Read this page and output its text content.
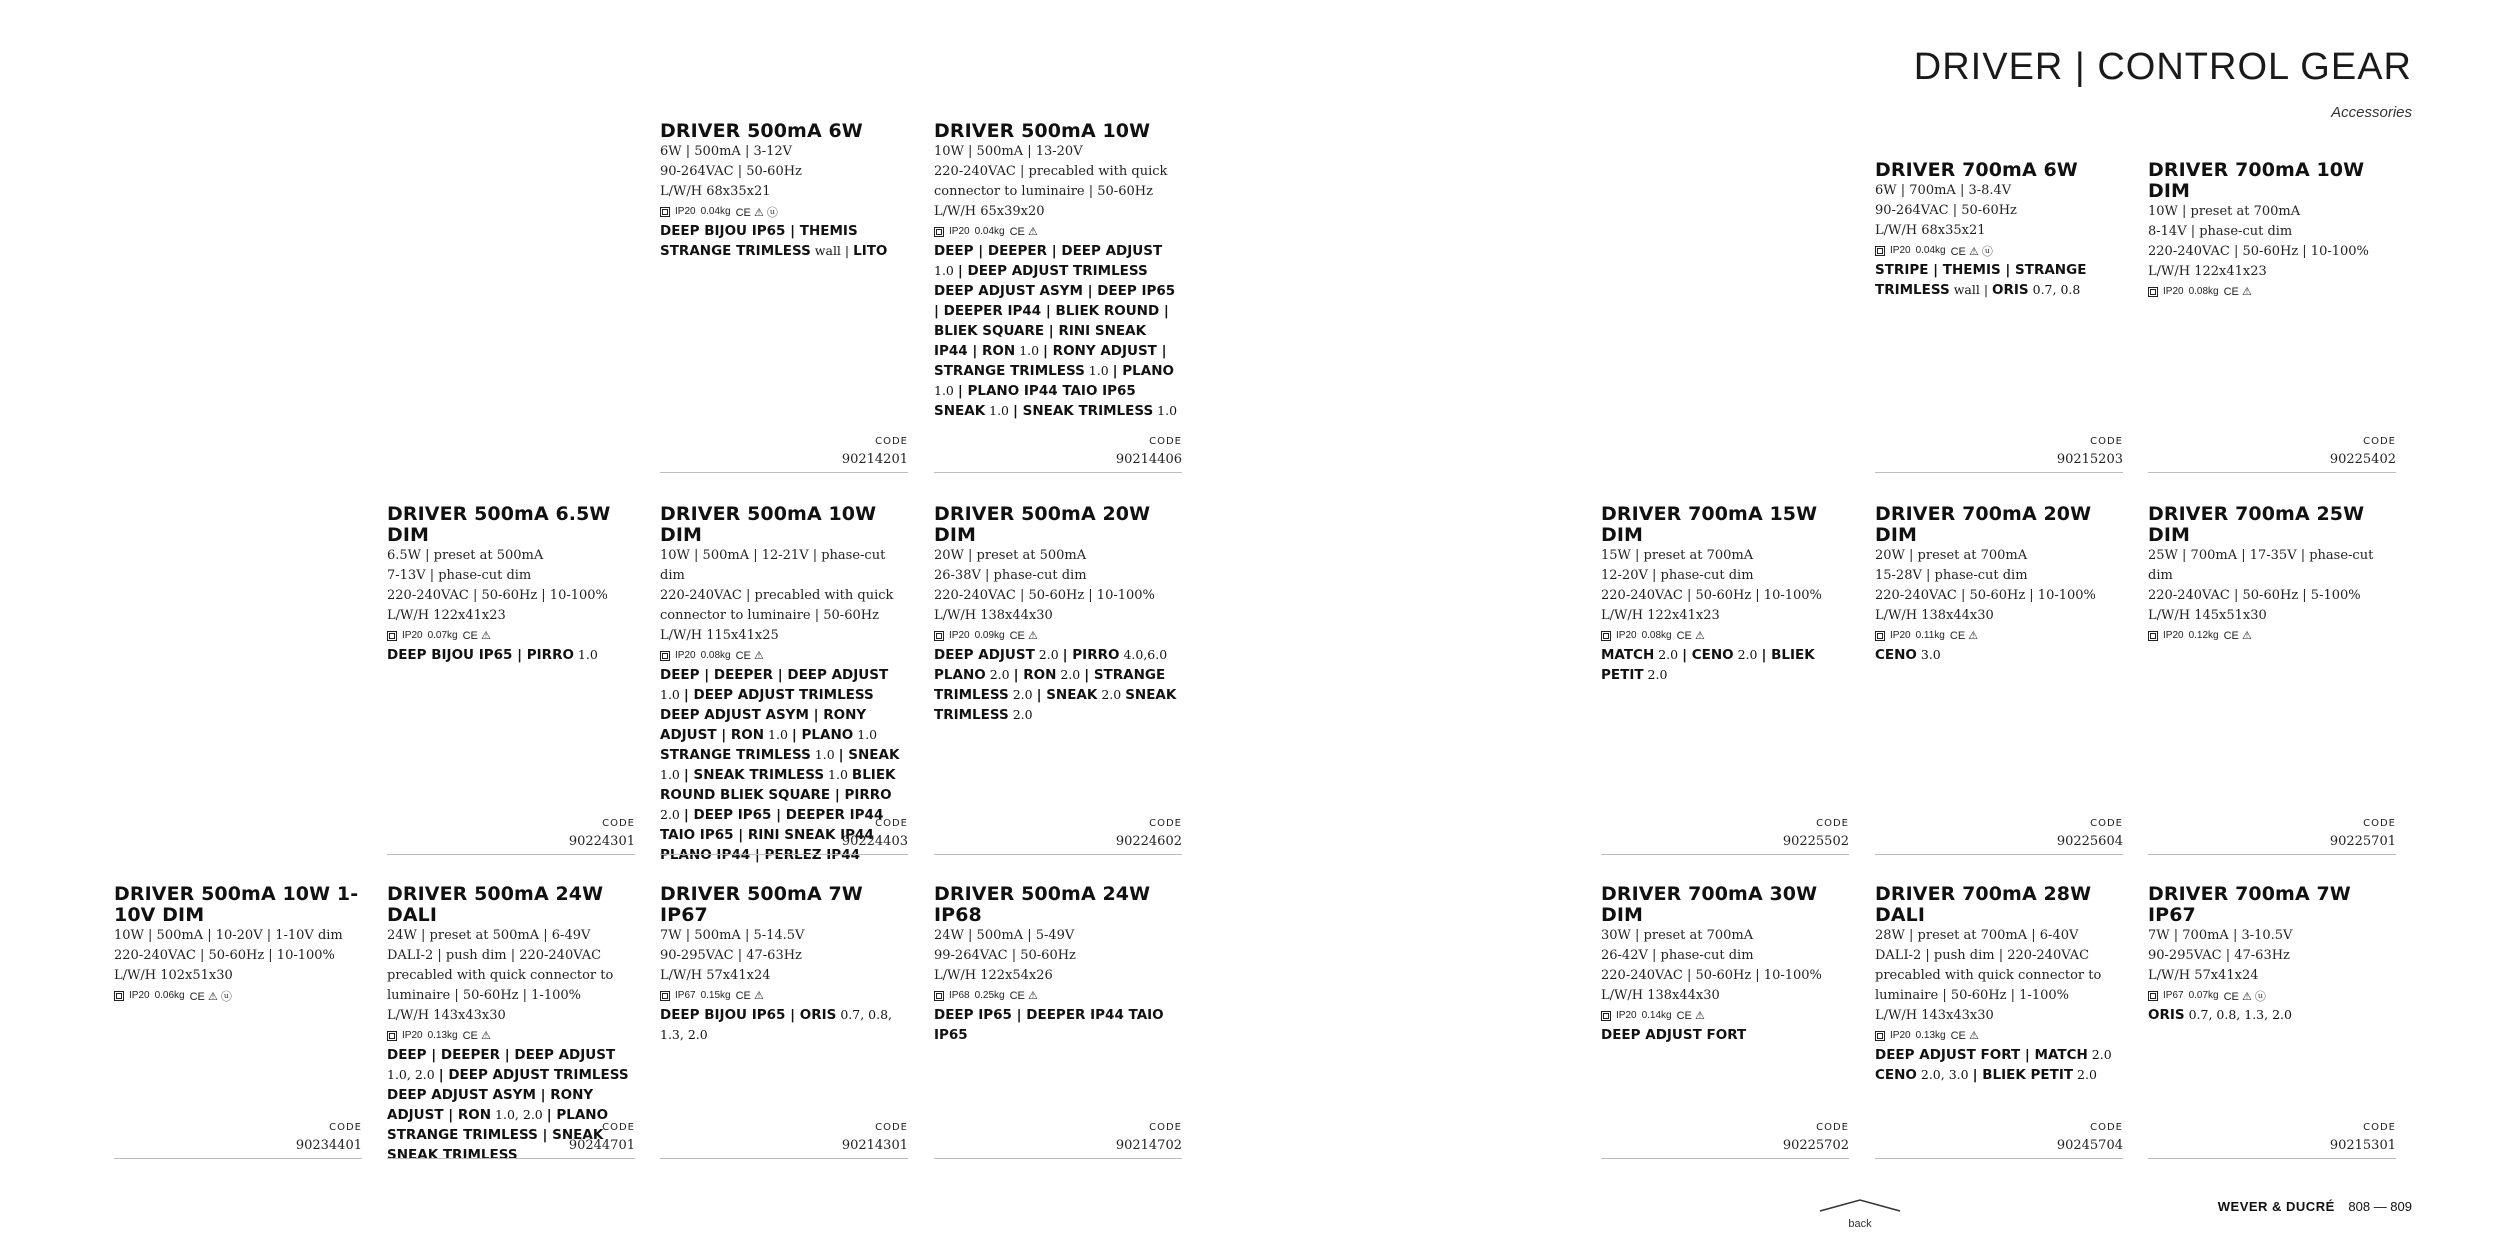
DRIVER | CONTROL GEAR
Accessories
DRIVER 500mA 6W
6W | 500mA | 3-12V
90-264VAC | 50-60Hz
L/W/H 68x35x21
IP20 0.04kg CE ⚠ ⓤ
DEEP BIJOU IP65 | THEMIS STRANGE TRIMLESS wall | LITO
CODE
90214201
DRIVER 500mA 10W
10W | 500mA | 13-20V
220-240VAC | precabled with quick connector to luminaire | 50-60Hz
L/W/H 65x39x20
IP20 0.04kg CE ⚠
DEEP | DEEPER | DEEP ADJUST 1.0 | DEEP ADJUST TRIMLESS DEEP ADJUST ASYM | DEEP IP65 | DEEPER IP44 | BLIEK ROUND | BLIEK SQUARE | RINI SNEAK IP44 | RON 1.0 | RONY ADJUST | STRANGE TRIMLESS 1.0 | PLANO 1.0 | PLANO IP44 TAIO IP65 SNEAK 1.0 | SNEAK TRIMLESS 1.0
CODE
90214406
DRIVER 700mA 6W
6W | 700mA | 3-8.4V
90-264VAC | 50-60Hz
L/W/H 68x35x21
IP20 0.04kg CE ⚠ ⓤ
STRIPE | THEMIS | STRANGE TRIMLESS wall | ORIS 0.7, 0.8
CODE
90215203
DRIVER 700mA 10W DIM
10W | preset at 700mA
8-14V | phase-cut dim
220-240VAC | 50-60Hz | 10-100%
L/W/H 122x41x23
IP20 0.08kg CE ⚠
CODE
90225402
DRIVER 500mA 6.5W DIM
6.5W | preset at 500mA
7-13V | phase-cut dim
220-240VAC | 50-60Hz | 10-100%
L/W/H 122x41x23
IP20 0.07kg CE ⚠
DEEP BIJOU IP65 | PIRRO 1.0
CODE
90224301
DRIVER 500mA 10W DIM
10W | 500mA | 12-21V | phase-cut dim
220-240VAC | precabled with quick connector to luminaire | 50-60Hz
L/W/H 115x41x25
IP20 0.08kg CE ⚠
DEEP | DEEPER | DEEP ADJUST 1.0 | DEEP ADJUST TRIMLESS DEEP ADJUST ASYM | RONY ADJUST | RON 1.0 | PLANO 1.0 STRANGE TRIMLESS 1.0 | SNEAK 1.0 | SNEAK TRIMLESS 1.0 BLIEK ROUND BLIEK SQUARE | PIRRO 2.0 | DEEP IP65 | DEEPER IP44 TAIO IP65 | RINI SNEAK IP44 PLANO IP44 | PERLEZ IP44
CODE
90224403
DRIVER 500mA 20W DIM
20W | preset at 500mA
26-38V | phase-cut dim
220-240VAC | 50-60Hz | 10-100%
L/W/H 138x44x30
IP20 0.09kg CE ⚠
DEEP ADJUST 2.0 | PIRRO 4.0,6.0 PLANO 2.0 | RON 2.0 | STRANGE TRIMLESS 2.0 | SNEAK 2.0 SNEAK TRIMLESS 2.0
CODE
90224602
DRIVER 700mA 15W DIM
15W | preset at 700mA
12-20V | phase-cut dim
220-240VAC | 50-60Hz | 10-100%
L/W/H 122x41x23
IP20 0.08kg CE ⚠
MATCH 2.0 | CENO 2.0 | BLIEK PETIT 2.0
CODE
90225502
DRIVER 700mA 20W DIM
20W | preset at 700mA
15-28V | phase-cut dim
220-240VAC | 50-60Hz | 10-100%
L/W/H 138x44x30
IP20 0.11kg CE ⚠
CENO 3.0
CODE
90225604
DRIVER 700mA 25W DIM
25W | 700mA | 17-35V | phase-cut dim
220-240VAC | 50-60Hz | 5-100%
L/W/H 145x51x30
IP20 0.12kg CE ⚠
CODE
90225701
DRIVER 500mA 10W 1-10V DIM
10W | 500mA | 10-20V | 1-10V dim
220-240VAC | 50-60Hz | 10-100%
L/W/H 102x51x30
IP20 0.06kg CE ⚠ ⓤ
CODE
90234401
DRIVER 500mA 24W DALI
24W | preset at 500mA | 6-49V
DALI-2 | push dim | 220-240VAC precabled with quick connector to luminaire | 50-60Hz | 1-100%
L/W/H 143x43x30
IP20 0.13kg CE ⚠
DEEP | DEEPER | DEEP ADJUST 1.0, 2.0 | DEEP ADJUST TRIMLESS DEEP ADJUST ASYM | RONY ADJUST | RON 1.0, 2.0 | PLANO STRANGE TRIMLESS | SNEAK SNEAK TRIMLESS
CODE
90244701
DRIVER 500mA 7W IP67
7W | 500mA | 5-14.5V
90-295VAC | 47-63Hz
L/W/H 57x41x24
IP67 0.15kg CE ⚠
DEEP BIJOU IP65 | ORIS 0.7, 0.8, 1.3, 2.0
CODE
90214301
DRIVER 500mA 24W IP68
24W | 500mA | 5-49V
99-264VAC | 50-60Hz
L/W/H 122x54x26
IP68 0.25kg CE ⚠
DEEP IP65 | DEEPER IP44 TAIO IP65
CODE
90214702
DRIVER 700mA 30W DIM
30W | preset at 700mA
26-42V | phase-cut dim
220-240VAC | 50-60Hz | 10-100%
L/W/H 138x44x30
IP20 0.14kg CE ⚠
DEEP ADJUST FORT
CODE
90225702
DRIVER 700mA 28W DALI
28W | preset at 700mA | 6-40V
DALI-2 | push dim | 220-240VAC precabled with quick connector to luminaire | 50-60Hz | 1-100%
L/W/H 143x43x30
IP20 0.13kg CE ⚠
DEEP ADJUST FORT | MATCH 2.0 CENO 2.0, 3.0 | BLIEK PETIT 2.0
CODE
90245704
DRIVER 700mA 7W IP67
7W | 700mA | 3-10.5V
90-295VAC | 47-63Hz
L/W/H 57x41x24
IP67 0.07kg CE ⚠ ⓤ
ORIS 0.7, 0.8, 1.3, 2.0
CODE
90215301
back
WEVER & DUCRÉ 808 — 809
